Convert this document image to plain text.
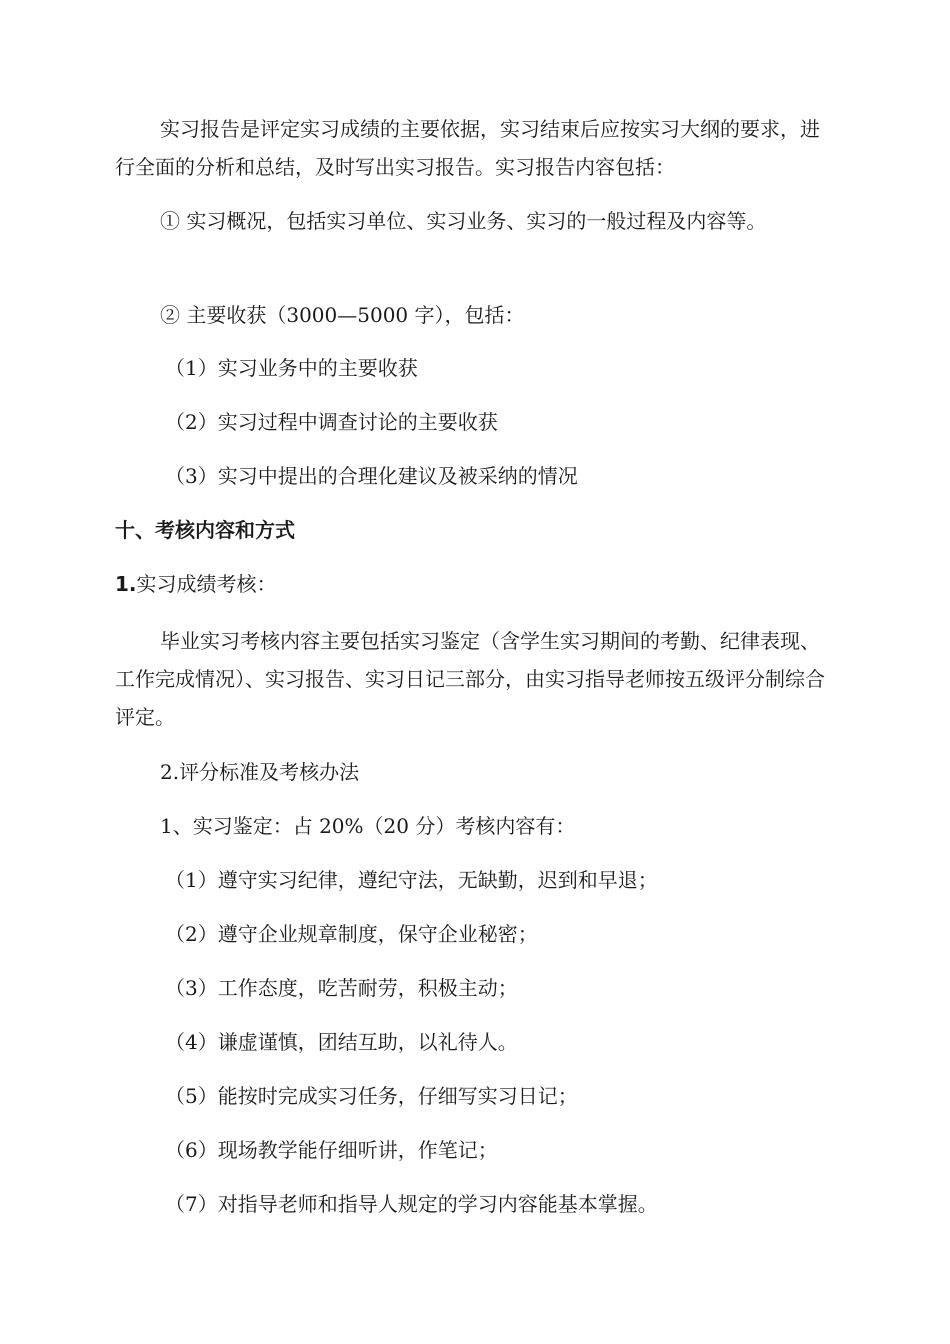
实习报告是评定实习成绩的主要依据，实习结束后应按实习大纲的要求，进行全面的分析和总结，及时写出实习报告。实习报告内容包括：
① 实习概况，包括实习单位、实习业务、实习的一般过程及内容等。
② 主要收获（3000—5000 字），包括：
（1）实习业务中的主要收获
（2）实习过程中调查讨论的主要收获
（3）实习中提出的合理化建议及被采纳的情况
十、考核内容和方式
1.实习成绩考核：
毕业实习考核内容主要包括实习鉴定（含学生实习期间的考勤、纪律表现、工作完成情况）、实习报告、实习日记三部分，由实习指导老师按五级评分制综合评定。
2.评分标准及考核办法
1、实习鉴定：占 20%（20 分）考核内容有：
（1）遵守实习纪律，遵纪守法，无缺勤，迟到和早退；
（2）遵守企业规章制度，保守企业秘密；
（3）工作态度，吃苦耐劳，积极主动；
（4）谦虚谨慎，团结互助，以礼待人。
（5）能按时完成实习任务，仔细写实习日记；
（6）现场教学能仔细听讲，作笔记；
（7）对指导老师和指导人规定的学习内容能基本掌握。
